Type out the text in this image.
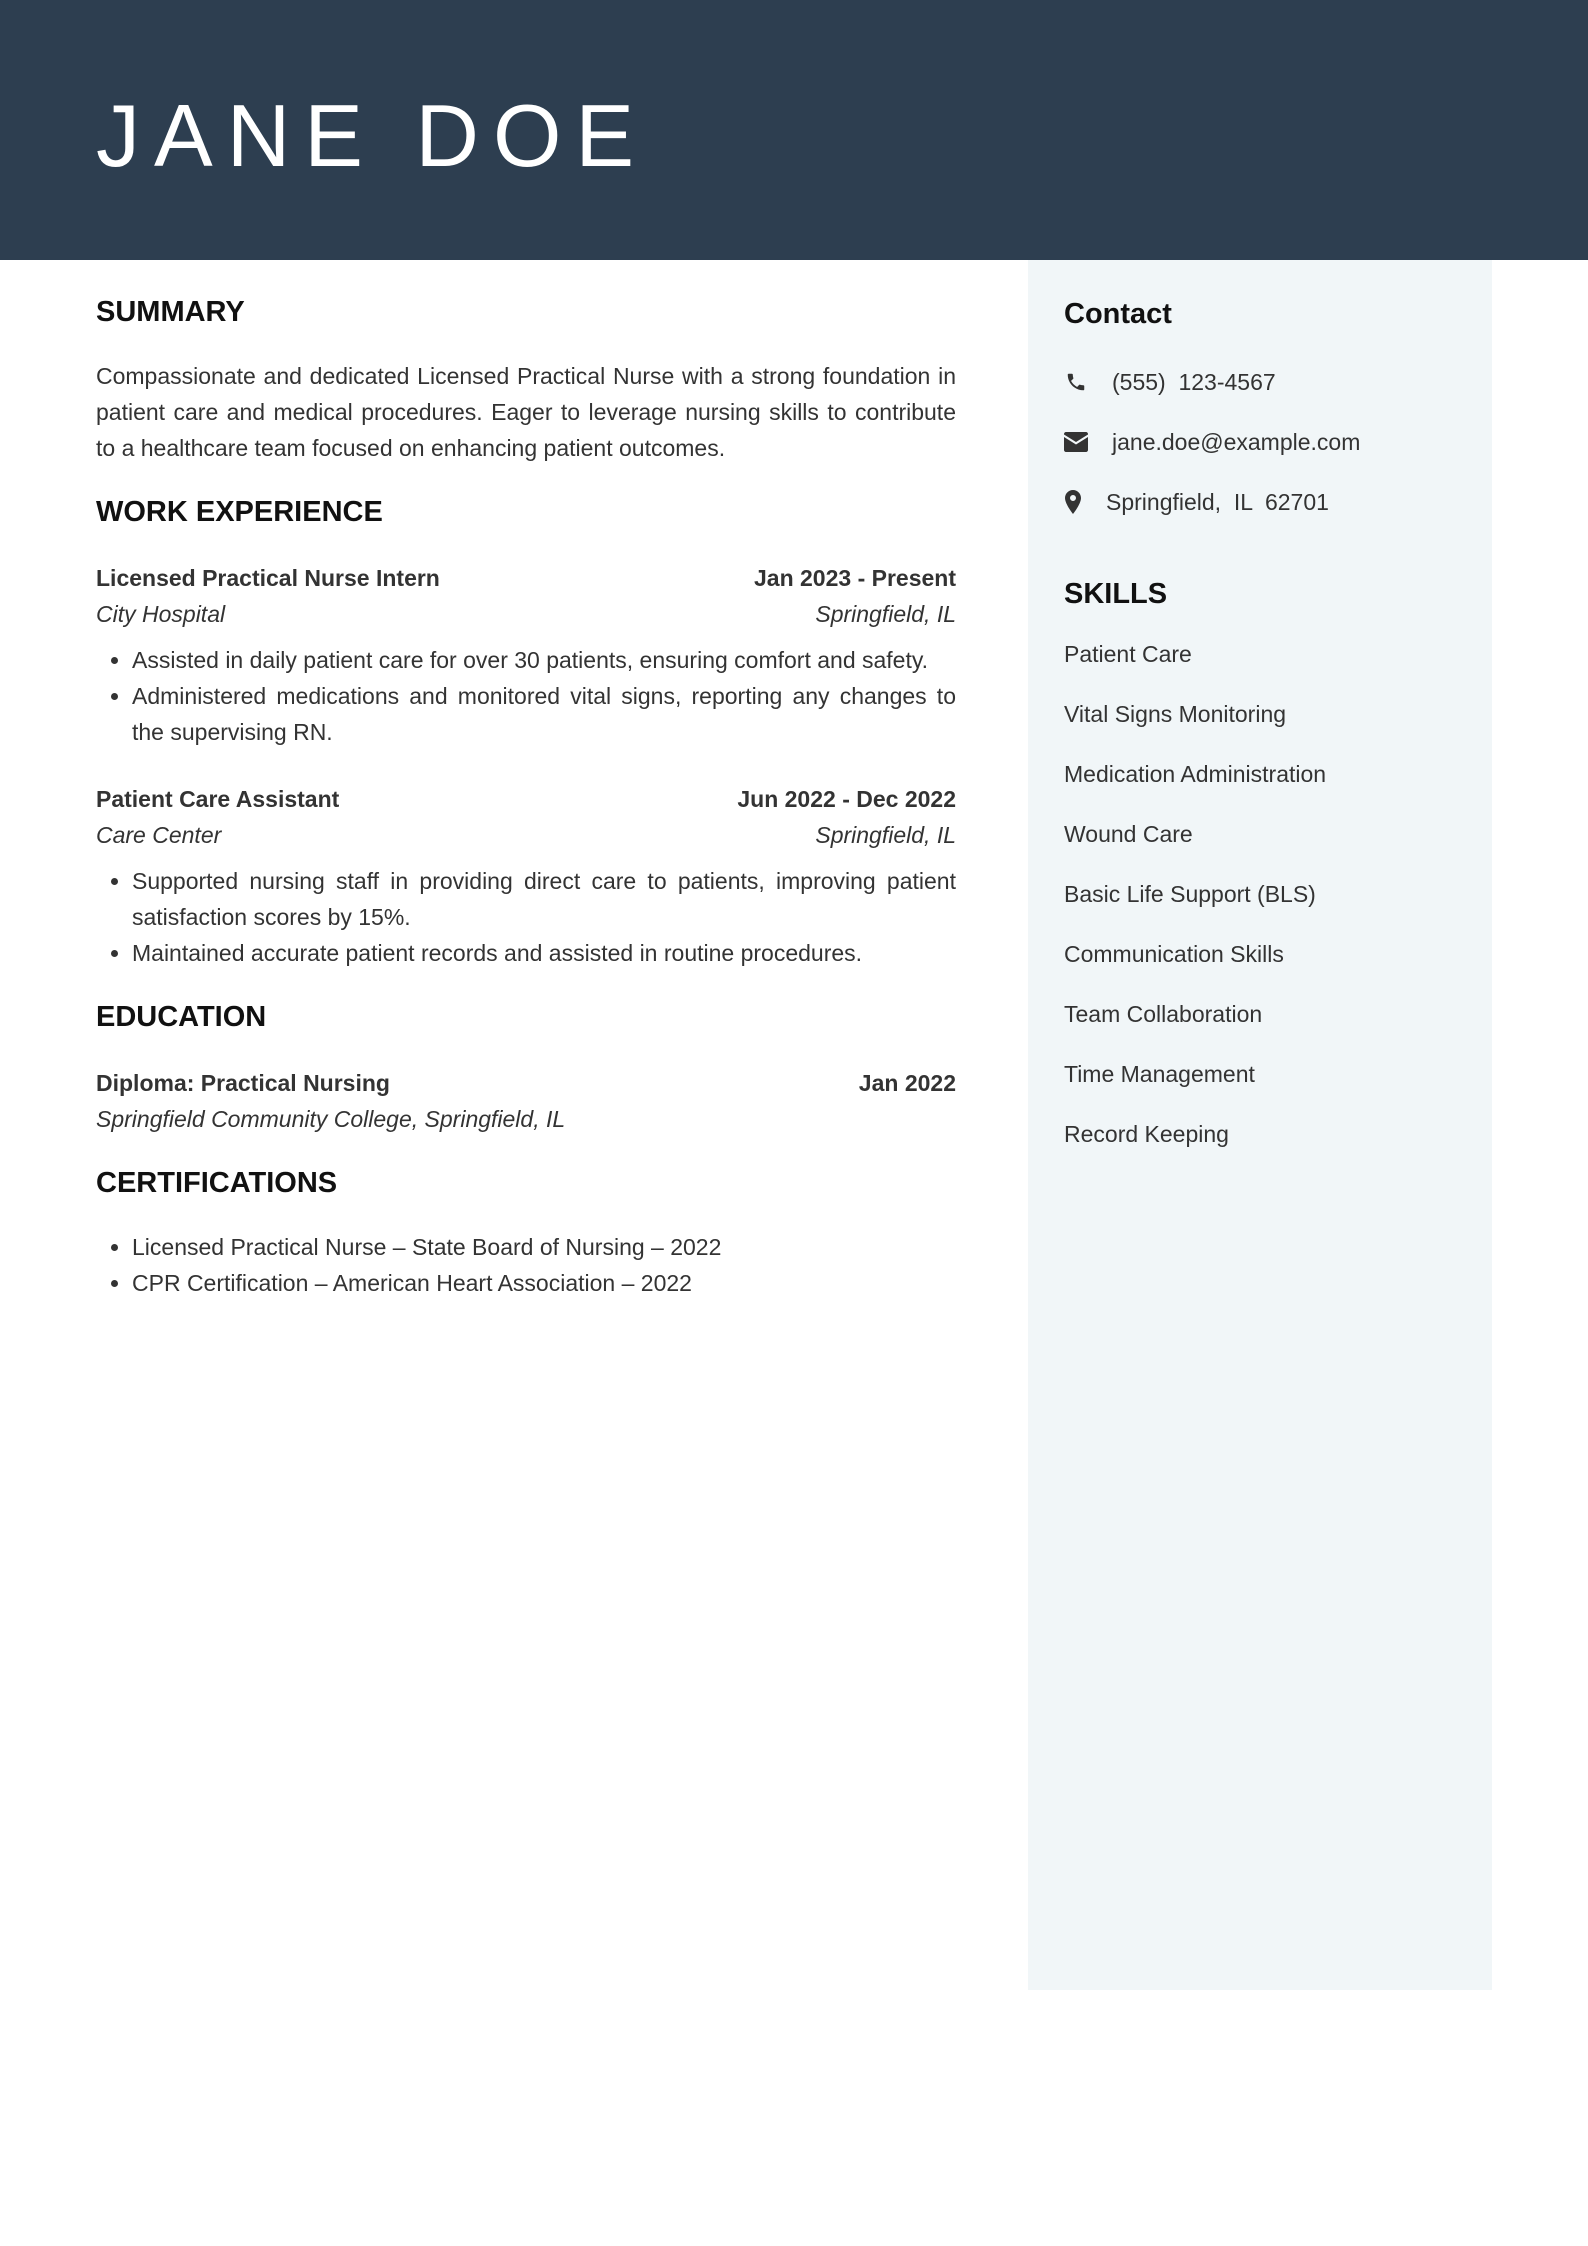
JANE DOE
Contact
(555)  123-4567
jane.doe@example.com
Springfield,  IL  62701
SKILLS
Patient Care
Vital Signs Monitoring
Medication Administration
Wound Care
Basic Life Support (BLS)
Communication Skills
Team Collaboration
Time Management
Record Keeping
SUMMARY

Compassionate and dedicated Licensed Practical Nurse with a strong foundation in patient care and medical procedures. Eager to leverage nursing skills to contribute to a healthcare team focused on enhancing patient outcomes.

WORK EXPERIENCE
Licensed Practical Nurse Intern	Jan 2023 - Present
City Hospital	Springfield, IL
• Assisted in daily patient care for over 30 patients, ensuring comfort and safety.
• Administered medications and monitored vital signs, reporting any changes to the supervising RN.
Patient Care Assistant	Jun 2022 - Dec 2022
Care Center	Springfield, IL
• Supported nursing staff in providing direct care to patients, improving patient satisfaction scores by 15%.
• Maintained accurate patient records and assisted in routine procedures.
EDUCATION
Diploma: Practical Nursing	Jan 2022
Springfield Community College, Springfield, IL
CERTIFICATIONS
• Licensed Practical Nurse – State Board of Nursing – 2022
• CPR Certification – American Heart Association – 2022
